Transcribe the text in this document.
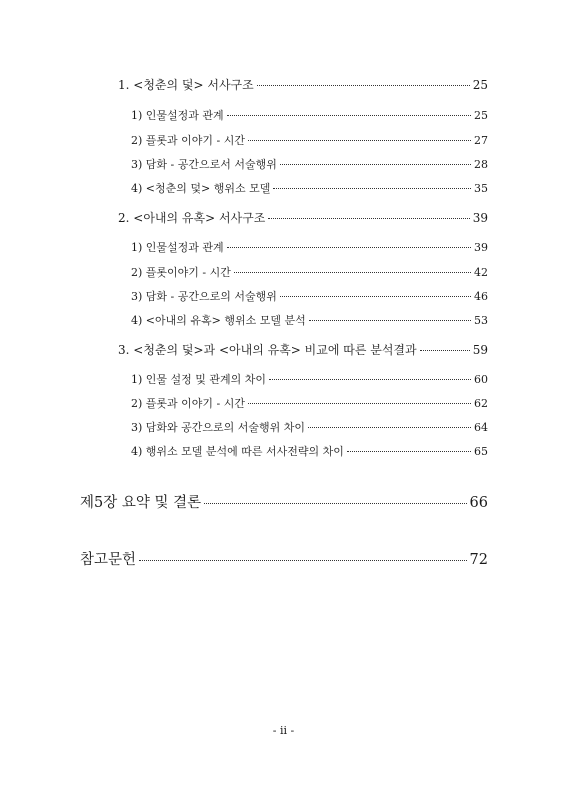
1. <청춘의 덫> 서사구조	25
1) 인물설정과 관계	25
2) 플롯과 이야기 - 시간	27
3) 담화 - 공간으로서 서술행위	28
4) <청춘의 덫> 행위소 모델	35
2. <아내의 유혹> 서사구조	39
1) 인물설정과 관계	39
2) 플롯이야기 - 시간	42
3) 담화 - 공간으로의 서술행위	46
4) <아내의 유혹> 행위소 모델 분석	53
3. <청춘의 덫>과 <아내의 유혹> 비교에 따른 분석결과	59
1) 인물 설정 및 관계의 차이	60
2) 플롯과 이야기 - 시간	62
3) 담화와 공간으로의 서술행위 차이	64
4) 행위소 모델 분석에 따른 서사전략의 차이	65
제5장 요약 및 결론	66
참고문헌	72
- ii -
